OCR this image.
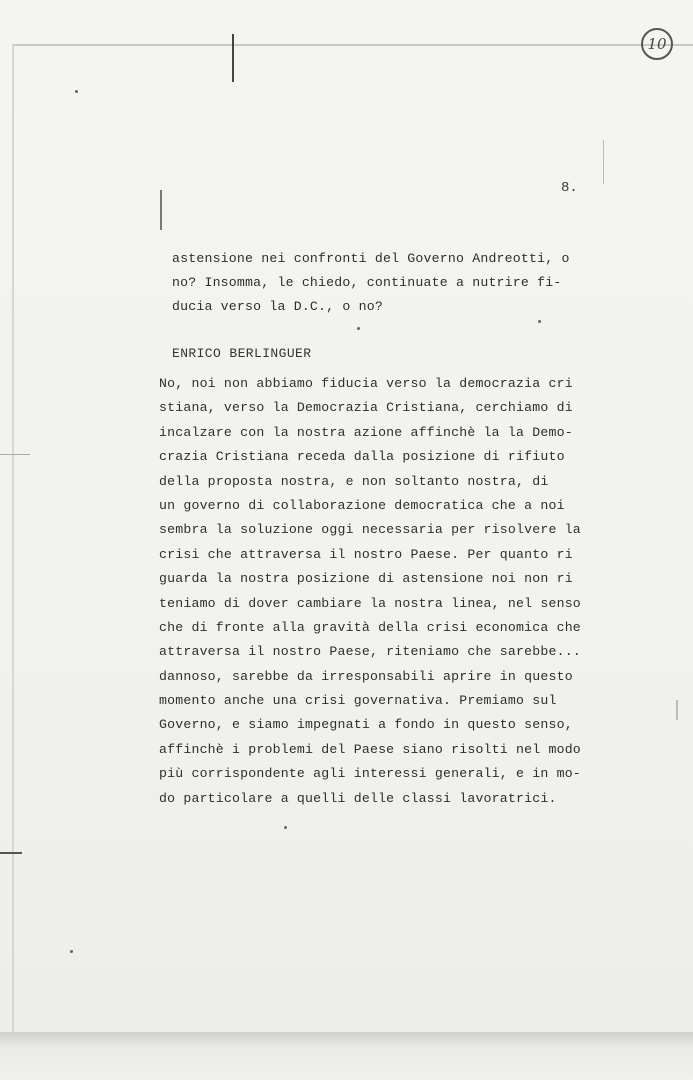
10
8.
astensione nei confronti del Governo Andreotti, o
no? Insomma, le chiedo, continuate a nutrire fi-
ducia verso la D.C., o no?
ENRICO BERLINGUER
No, noi non abbiamo fiducia verso la democrazia cri
stiana, verso la Democrazia Cristiana, cerchiamo di
incalzare con la nostra azione affinchè la la Demo-
crazia Cristiana receda dalla posizione di rifiuto
della proposta nostra, e non soltanto nostra, di
un governo di collaborazione democratica che a noi
sembra la soluzione oggi necessaria per risolvere la
crisi che attraversa il nostro Paese. Per quanto ri
guarda la nostra posizione di astensione noi non ri
teniamo di dover cambiare la nostra linea, nel senso
che di fronte alla gravità della crisi economica che
attraversa il nostro Paese, riteniamo che sarebbe...
dannoso, sarebbe da irresponsabili aprire in questo
momento anche una crisi governativa. Premiamo sul
Governo, e siamo impegnati a fondo in questo senso,
affinchè i problemi del Paese siano risolti nel modo
più corrispondente agli interessi generali, e in mo-
do particolare a quelli delle classi lavoratrici.
